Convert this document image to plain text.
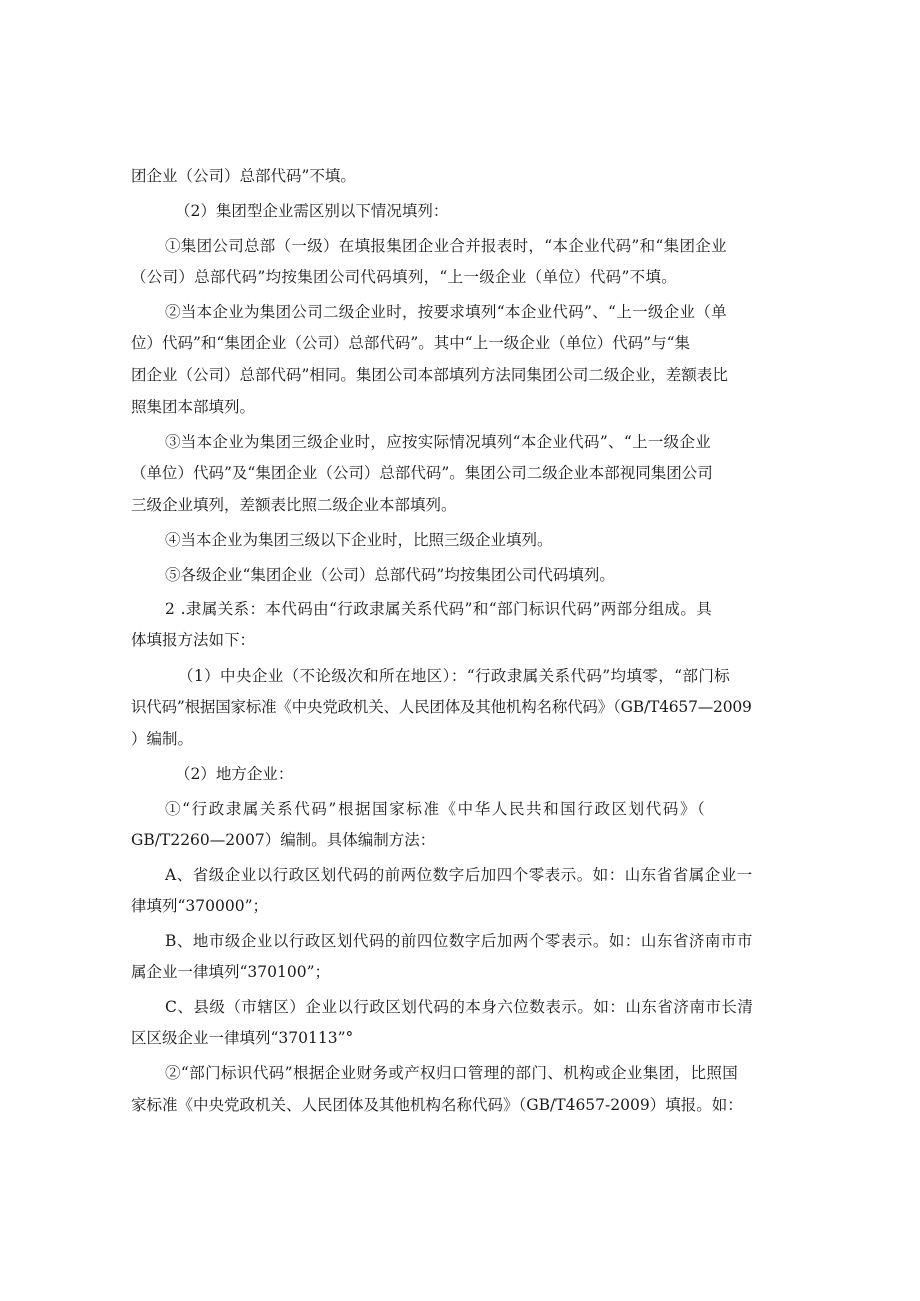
团企业（公司）总部代码”不填。
（2）集团型企业需区别以下情况填列：
①集团公司总部（一级）在填报集团企业合并报表时，“本企业代码”和“集团企业
（公司）总部代码”均按集团公司代码填列，“上一级企业（单位）代码”不填。
②当本企业为集团公司二级企业时，按要求填列“本企业代码”、“上一级企业（单
位）代码”和“集团企业（公司）总部代码”。其中“上一级企业（单位）代码”与“集
团企业（公司）总部代码”相同。集团公司本部填列方法同集团公司二级企业，差额表比
照集团本部填列。
③当本企业为集团三级企业时，应按实际情况填列“本企业代码”、“上一级企业
（单位）代码”及“集团企业（公司）总部代码”。集团公司二级企业本部视同集团公司
三级企业填列，差额表比照二级企业本部填列。
④当本企业为集团三级以下企业时，比照三级企业填列。
⑤各级企业“集团企业（公司）总部代码”均按集团公司代码填列。
2 .隶属关系：本代码由“行政隶属关系代码”和“部门标识代码”两部分组成。具
体填报方法如下：
（1）中央企业（不论级次和所在地区）：“行政隶属关系代码”均填零，“部门标
识代码”根据国家标准《中央党政机关、人民团体及其他机构名称代码》（GB/T4657—2009
）编制。
（2）地方企业：
①“行政隶属关系代码”根据国家标准《中华人民共和国行政区划代码》（
GB/T2260—2007）编制。具体编制方法：
A、省级企业以行政区划代码的前两位数字后加四个零表示。如：山东省省属企业一
律填列“370000”；
B、地市级企业以行政区划代码的前四位数字后加两个零表示。如：山东省济南市市
属企业一律填列“370100”；
C、县级（市辖区）企业以行政区划代码的本身六位数表示。如：山东省济南市长清
区区级企业一律填列“370113”°
②“部门标识代码”根据企业财务或产权归口管理的部门、机构或企业集团，比照国
家标准《中央党政机关、人民团体及其他机构名称代码》（GB/T4657-2009）填报。如：
